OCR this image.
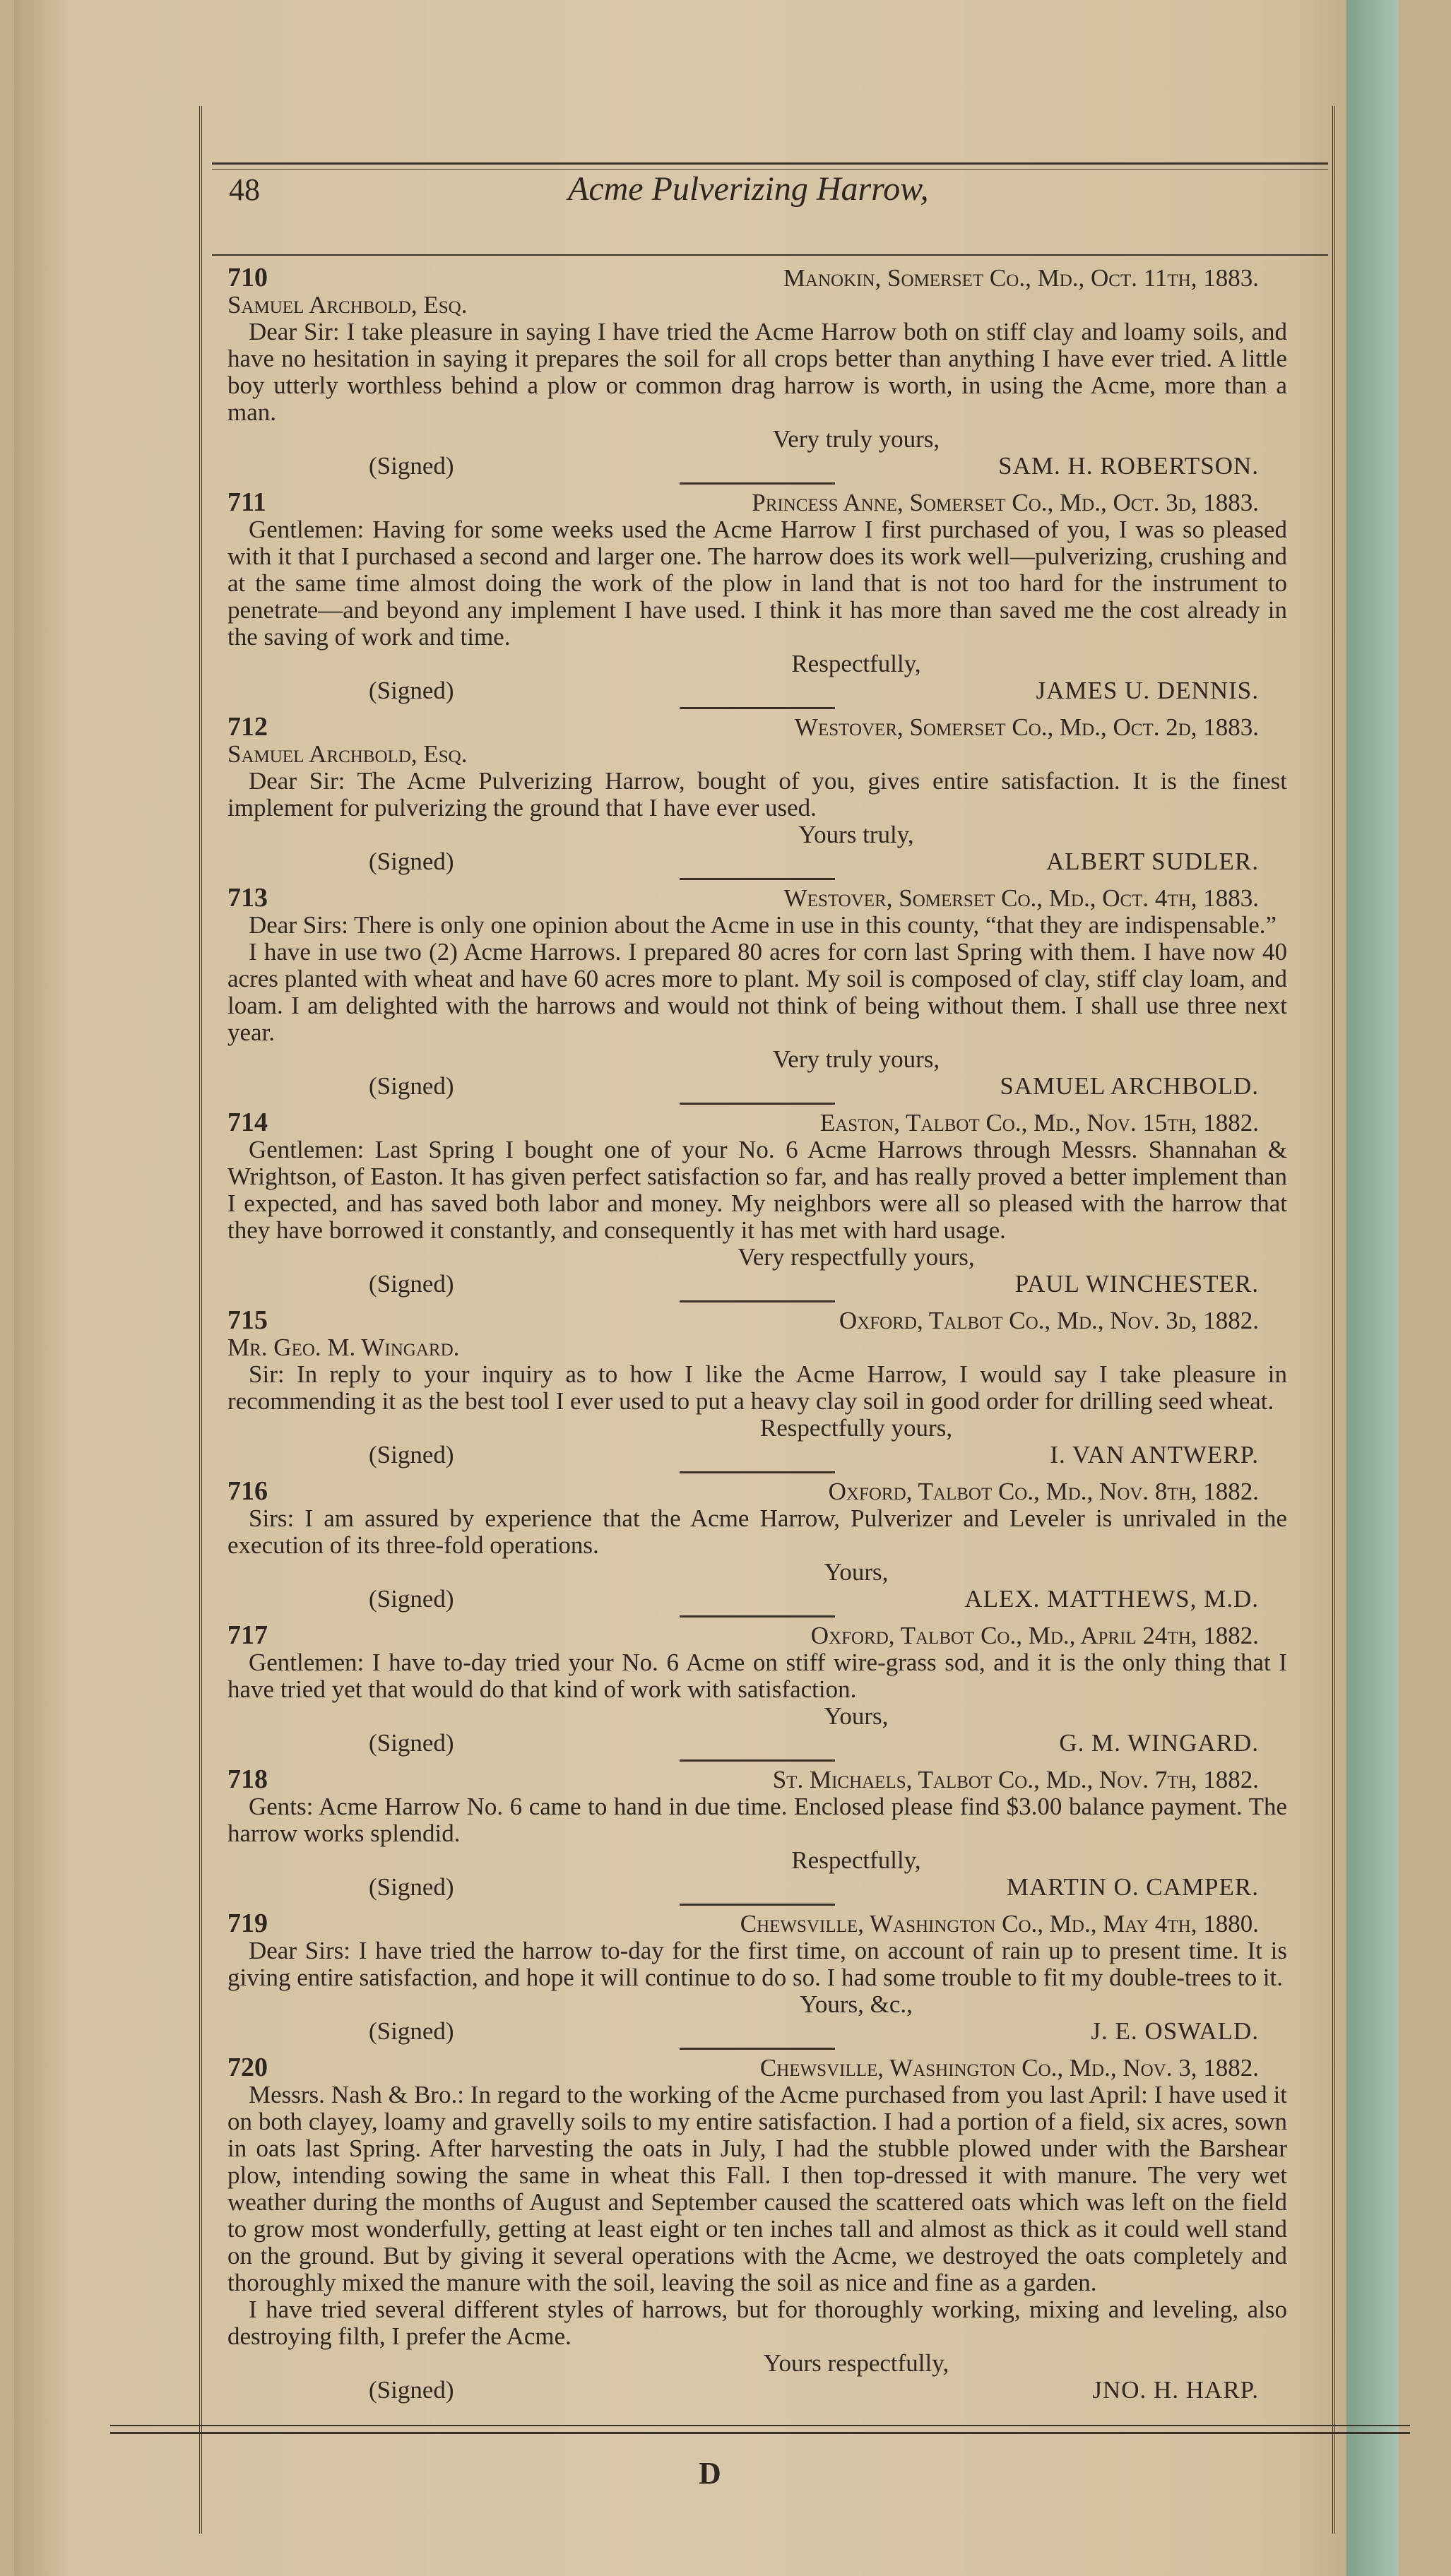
48	Acme Pulverizing Harrow,
710	Manokin, Somerset Co., Md., Oct. 11th, 1883.
Samuel Archbold, Esq.

Dear Sir: I take pleasure in saying I have tried the Acme Harrow both on stiff clay and loamy soils, and have no hesitation in saying it prepares the soil for all crops better than anything I have ever tried. A little boy utterly worthless behind a plow or common drag harrow is worth, in using the Acme, more than a man.

Very truly yours,
(Signed)	SAM. H. ROBERTSON.
711	Princess Anne, Somerset Co., Md., Oct. 3d, 1883.

Gentlemen: Having for some weeks used the Acme Harrow I first purchased of you, I was so pleased with it that I purchased a second and larger one. The harrow does its work well—pulverizing, crushing and at the same time almost doing the work of the plow in land that is not too hard for the instrument to penetrate—and beyond any implement I have used. I think it has more than saved me the cost already in the saving of work and time.

Respectfully,
(Signed)	JAMES U. DENNIS.
712	Westover, Somerset Co., Md., Oct. 2d, 1883.
Samuel Archbold, Esq.

Dear Sir: The Acme Pulverizing Harrow, bought of you, gives entire satisfaction. It is the finest implement for pulverizing the ground that I have ever used.

Yours truly,
(Signed)	ALBERT SUDLER.
713	Westover, Somerset Co., Md., Oct. 4th, 1883.

Dear Sirs: There is only one opinion about the Acme in use in this county, “that they are indispensable.”

I have in use two (2) Acme Harrows. I prepared 80 acres for corn last Spring with them. I have now 40 acres planted with wheat and have 60 acres more to plant. My soil is composed of clay, stiff clay loam, and loam. I am delighted with the harrows and would not think of being without them. I shall use three next year.

Very truly yours,
(Signed)	SAMUEL ARCHBOLD.
714	Easton, Talbot Co., Md., Nov. 15th, 1882.

Gentlemen: Last Spring I bought one of your No. 6 Acme Harrows through Messrs. Shannahan & Wrightson, of Easton. It has given perfect satisfaction so far, and has really proved a better implement than I expected, and has saved both labor and money. My neighbors were all so pleased with the harrow that they have borrowed it constantly, and consequently it has met with hard usage.

Very respectfully yours,
(Signed)	PAUL WINCHESTER.
715	Oxford, Talbot Co., Md., Nov. 3d, 1882.
Mr. Geo. M. Wingard.

Sir: In reply to your inquiry as to how I like the Acme Harrow, I would say I take pleasure in recommending it as the best tool I ever used to put a heavy clay soil in good order for drilling seed wheat.

Respectfully yours,
(Signed)	I. VAN ANTWERP.
716	Oxford, Talbot Co., Md., Nov. 8th, 1882.

Sirs: I am assured by experience that the Acme Harrow, Pulverizer and Leveler is unrivaled in the execution of its three-fold operations.

Yours,
(Signed)	ALEX. MATTHEWS, M.D.
717	Oxford, Talbot Co., Md., April 24th, 1882.

Gentlemen: I have to-day tried your No. 6 Acme on stiff wire-grass sod, and it is the only thing that I have tried yet that would do that kind of work with satisfaction.

Yours,
(Signed)	G. M. WINGARD.
718	St. Michaels, Talbot Co., Md., Nov. 7th, 1882.

Gents: Acme Harrow No. 6 came to hand in due time. Enclosed please find $3.00 balance payment. The harrow works splendid.

Respectfully,
(Signed)	MARTIN O. CAMPER.
719	Chewsville, Washington Co., Md., May 4th, 1880.

Dear Sirs: I have tried the harrow to-day for the first time, on account of rain up to present time. It is giving entire satisfaction, and hope it will continue to do so. I had some trouble to fit my double-trees to it.

Yours, &c.,
(Signed)	J. E. OSWALD.
720	Chewsville, Washington Co., Md., Nov. 3, 1882.

Messrs. Nash & Bro.: In regard to the working of the Acme purchased from you last April: I have used it on both clayey, loamy and gravelly soils to my entire satisfaction. I had a portion of a field, six acres, sown in oats last Spring. After harvesting the oats in July, I had the stubble plowed under with the Barshear plow, intending sowing the same in wheat this Fall. I then top-dressed it with manure. The very wet weather during the months of August and September caused the scattered oats which was left on the field to grow most wonderfully, getting at least eight or ten inches tall and almost as thick as it could well stand on the ground. But by giving it several operations with the Acme, we destroyed the oats completely and thoroughly mixed the manure with the soil, leaving the soil as nice and fine as a garden.

I have tried several different styles of harrows, but for thoroughly working, mixing and leveling, also destroying filth, I prefer the Acme.

Yours respectfully,
(Signed)	JNO. H. HARP.
D
